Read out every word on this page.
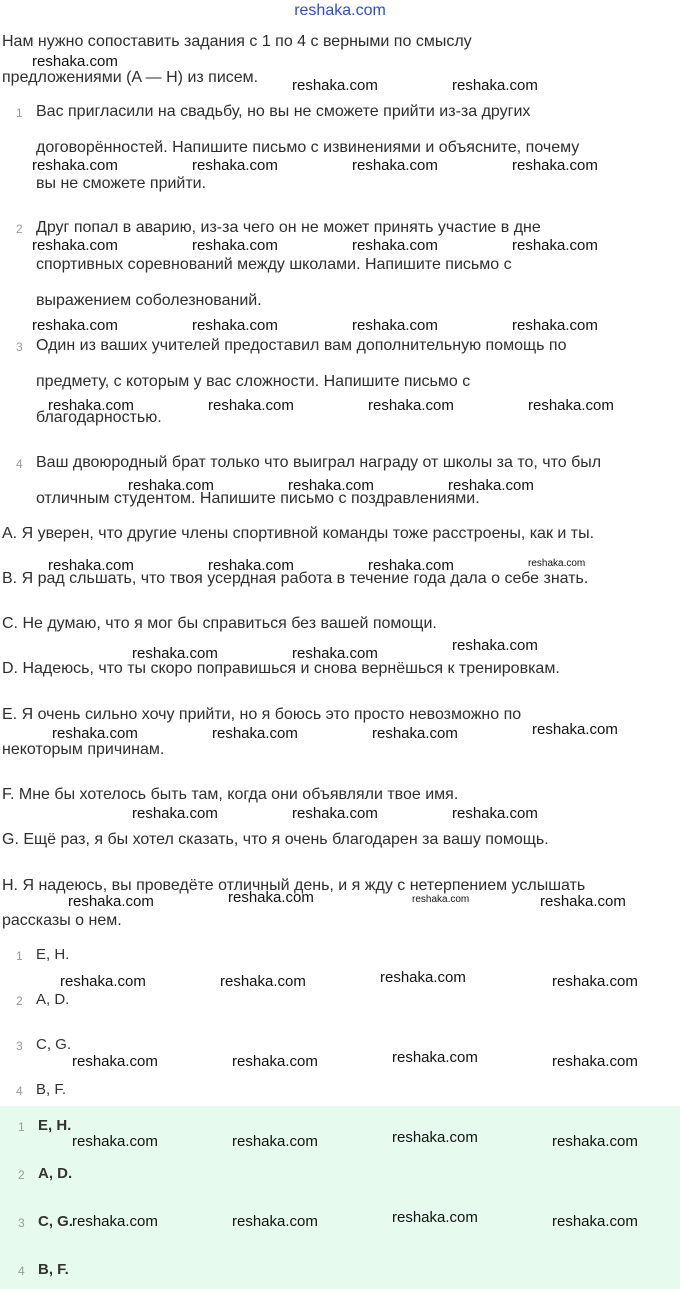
reshaka.com
Нам нужно сопоставить задания с 1 по 4 с верными по смыслу
предложениями (A — H) из писем.
1 Вас пригласили на свадьбу, но вы не сможете прийти из-за других
договорённостей. Напишите письмо с извинениями и объясните, почему
вы не сможете прийти.
2 Друг попал в аварию, из-за чего он не может принять участие в дне
спортивных соревнований между школами. Напишите письмо с
выражением соболезнований.
3 Один из ваших учителей предоставил вам дополнительную помощь по
предмету, с которым у вас сложности. Напишите письмо с
благодарностью.
4 Ваш двоюродный брат только что выиграл награду от школы за то, что был
отличным студентом. Напишите письмо с поздравлениями.
A. Я уверен, что другие члены спортивной команды тоже расстроены, как и ты.
B. Я рад сльшать, что твоя усердная работа в течение года дала о себе знать.
C. Не думаю, что я мог бы справиться без вашей помощи.
D. Надеюсь, что ты скоро поправишься и снова вернёшься к тренировкам.
E. Я очень сильно хочу прийти, но я боюсь это просто невозможно по
некоторым причинам.
F. Мне бы хотелось быть там, когда они объявляли твое имя.
G. Ещё раз, я бы хотел сказать, что я очень благодарен за вашу помощь.
H. Я надеюсь, вы проведёте отличный день, и я жду с нетерпением услышать
рассказы о нем.
1 E, H.
2 A, D.
3 C, G.
4 B, F.
1 E, H.
2 A, D.
3 C, G.
4 B, F.
reshaka.com
reshaka.com	reshaka.com
reshaka.com	reshaka.com	reshaka.com	reshaka.com
reshaka.com	reshaka.com	reshaka.com	reshaka.com
reshaka.com	reshaka.com	reshaka.com	reshaka.com
reshaka.com	reshaka.com	reshaka.com	reshaka.com
reshaka.com	reshaka.com	reshaka.com
reshaka.com	reshaka.com	reshaka.com	reshaka.com
reshaka.com
reshaka.com	reshaka.com
reshaka.com	reshaka.com	reshaka.com	reshaka.com
reshaka.com	reshaka.com	reshaka.com
reshaka.com
reshaka.com	reshaka.com	reshaka.com
reshaka.com
reshaka.com	reshaka.com	reshaka.com
reshaka.com
reshaka.com	reshaka.com	reshaka.com
reshaka.com
reshaka.com	reshaka.com	reshaka.com
reshaka.com
reshaka.com	reshaka.com	reshaka.com
